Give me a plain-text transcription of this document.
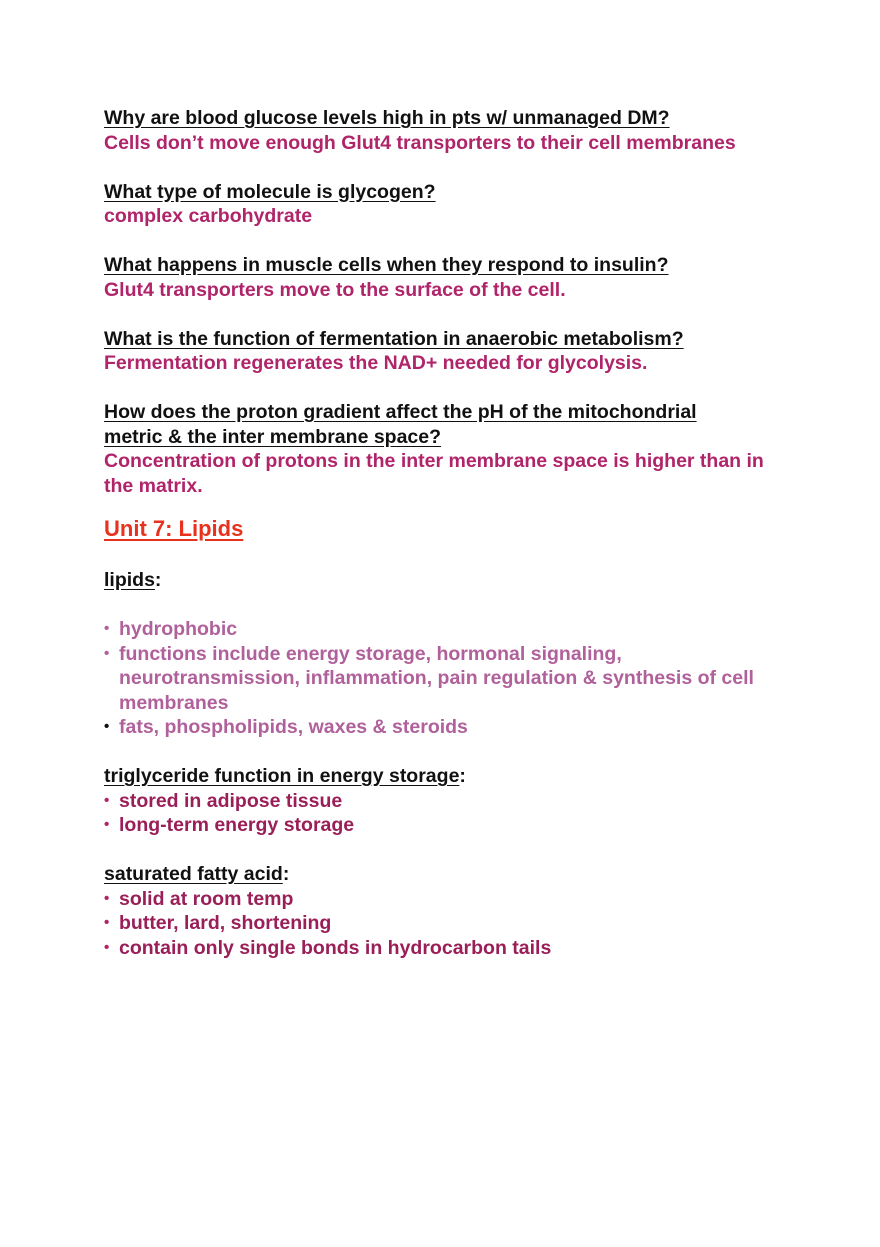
Why are blood glucose levels high in pts w/ unmanaged DM?

Cells don’t move enough Glut4 transporters to their cell membranes

What type of molecule is glycogen?

complex carbohydrate

What happens in muscle cells when they respond to insulin?

Glut4 transporters move to the surface of the cell.

What is the function of fermentation in anaerobic metabolism?

Fermentation regenerates the NAD+ needed for glycolysis.

How does the proton gradient affect the pH of the mitochondrial metric & the inter membrane space?

Concentration of protons in the inter membrane space is higher than in the matrix.

Unit 7: Lipids

lipids:

• hydrophobic
• functions include energy storage, hormonal signaling, neurotransmission, inflammation, pain regulation & synthesis of cell membranes
• fats, phospholipids, waxes & steroids

triglyceride function in energy storage:

• stored in adipose tissue
• long-term energy storage

saturated fatty acid:

• solid at room temp
• butter, lard, shortening
• contain only single bonds in hydrocarbon tails
